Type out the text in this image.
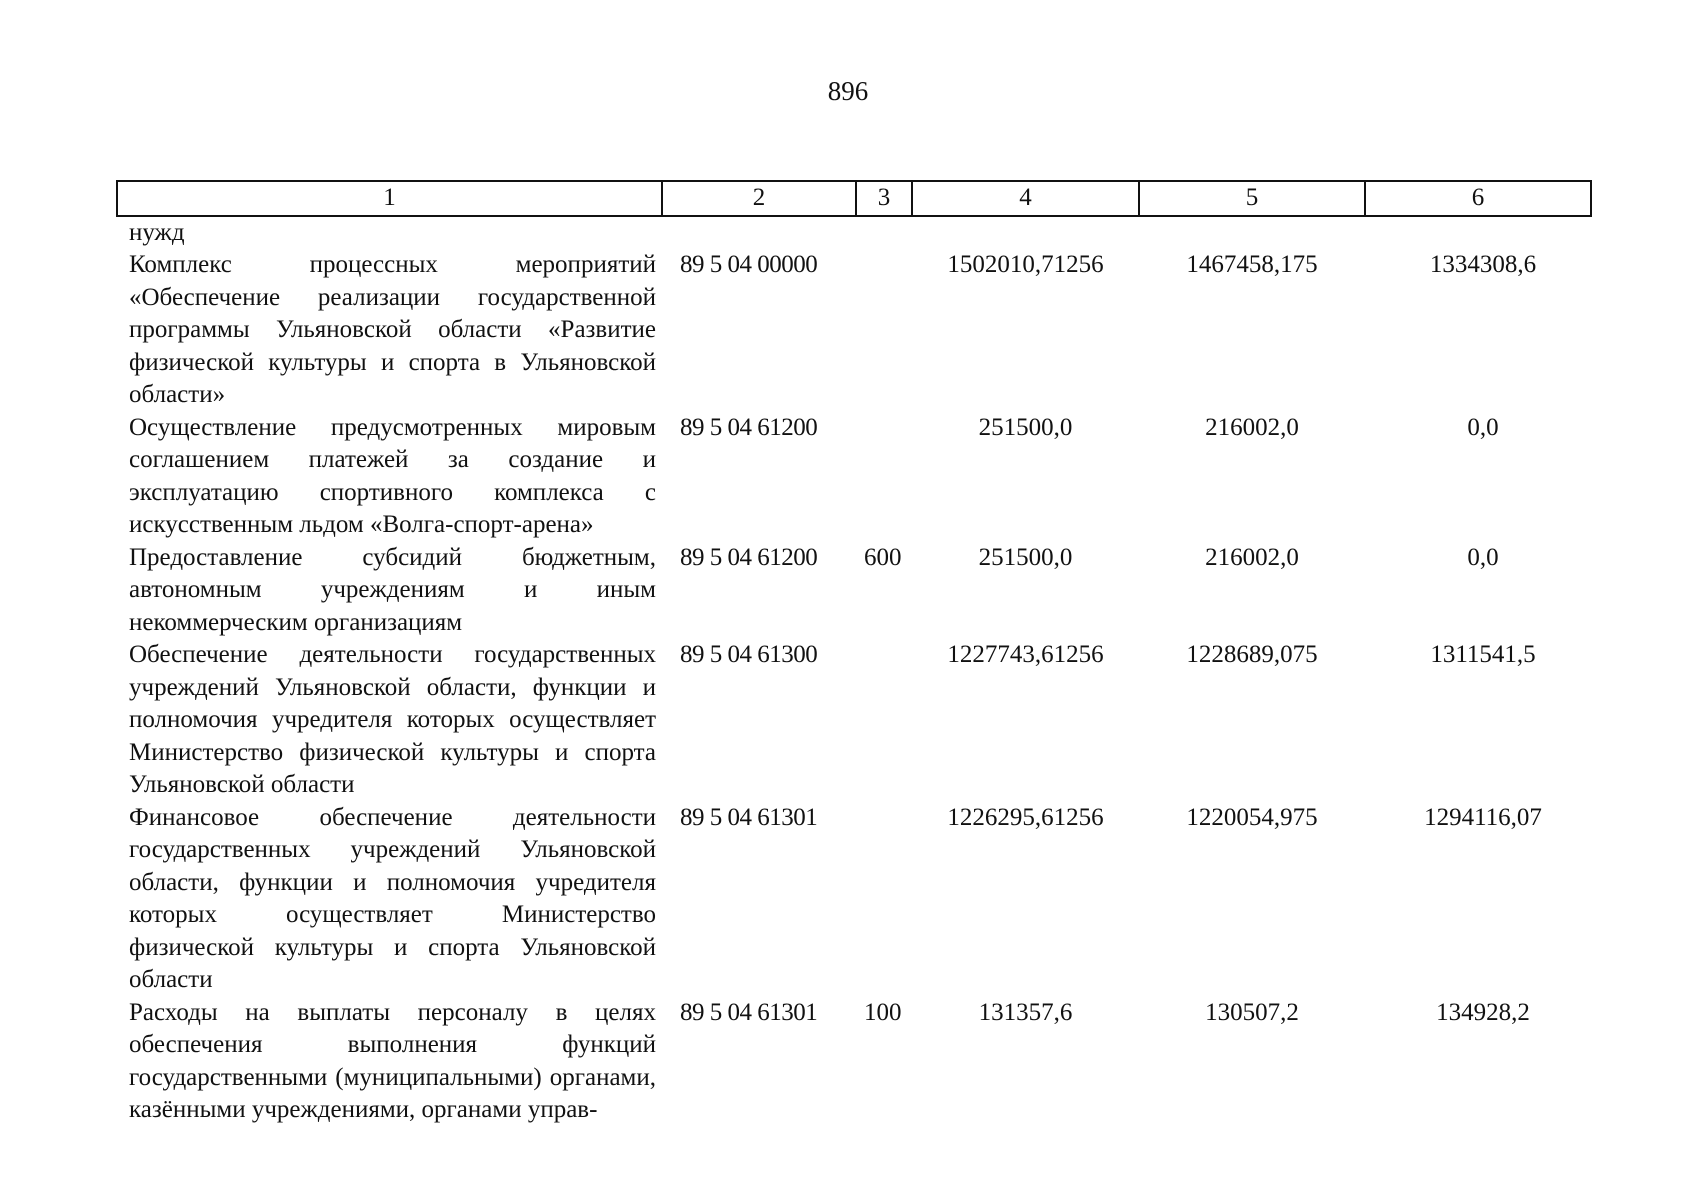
896
1	2	3	4	5	6
нужд					
Комплекс процессных мероприятий «Обеспечение реализации государственной программы Ульяновской области «Развитие физической культуры и спорта в Ульяновской области»	89 5 04 00000		1502010,71256	1467458,175	1334308,6
Осуществление предусмотренных мировым соглашением платежей за создание и эксплуатацию спортивного комплекса с искусственным льдом «Волга-спорт-арена»	89 5 04 61200		251500,0	216002,0	0,0
Предоставление субсидий бюджетным, автономным учреждениям и иным некоммерческим организациям	89 5 04 61200	600	251500,0	216002,0	0,0
Обеспечение деятельности государственных учреждений Ульяновской области, функции и полномочия учредителя которых осуществляет Министерство физической культуры и спорта Ульяновской области	89 5 04 61300		1227743,61256	1228689,075	1311541,5
Финансовое обеспечение деятельности государственных учреждений Ульяновской области, функции и полномочия учредителя которых осуществляет Министерство физической культуры и спорта Ульяновской области	89 5 04 61301		1226295,61256	1220054,975	1294116,07
Расходы на выплаты персоналу в целях обеспечения выполнения функций государственными (муниципальными) органами, казёнными учреждениями, органами управ-	89 5 04 61301	100	131357,6	130507,2	134928,2
